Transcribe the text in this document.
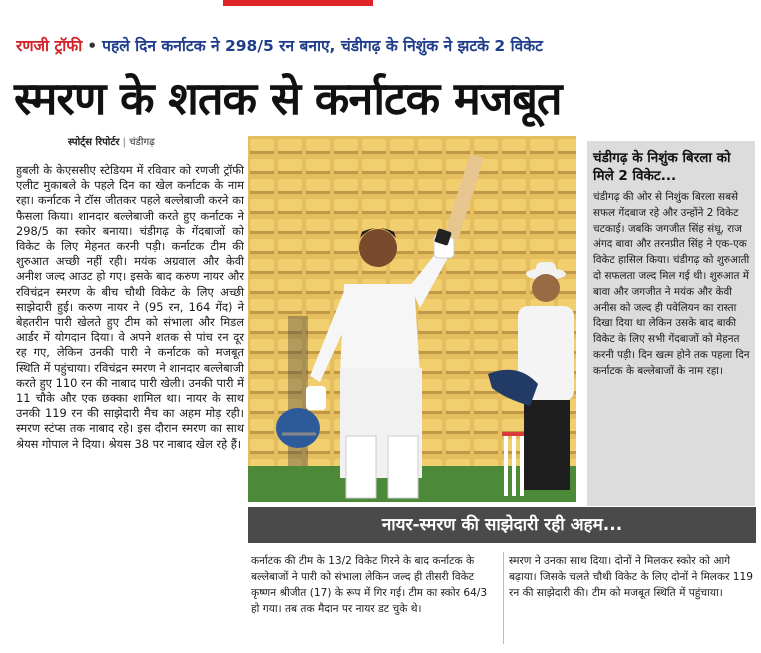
रणजी ट्रॉफी • पहले दिन कर्नाटक ने 298/5 रन बनाए, चंडीगढ़ के निशुंक ने झटके 2 विकेट
स्मरण के शतक से कर्नाटक मजबूत
स्पोर्ट्स रिपोर्टर | चंडीगढ़
हुबली के केएससीए स्टेडियम में रविवार को रणजी ट्रॉफी एलीट मुकाबले के पहले दिन का खेल कर्नाटक के नाम रहा। कर्नाटक ने टॉस जीतकर पहले बल्लेबाजी करने का फैसला किया। शानदार बल्लेबाजी करते हुए कर्नाटक ने 298/5 का स्कोर बनाया। चंडीगढ़ के गेंदबाजों को विकेट के लिए मेहनत करनी पड़ी। कर्नाटक टीम की शुरुआत अच्छी नहीं रही। मयंक अग्रवाल और केवी अनीश जल्द आउट हो गए। इसके बाद करुण नायर और रविचंद्रन स्मरण के बीच चौथी विकेट के लिए अच्छी साझेदारी हुई। करुण नायर ने (95 रन, 164 गेंद) ने बेहतरीन पारी खेलते हुए टीम को संभाला और मिडल आर्डर में योगदान दिया। वे अपने शतक से पांच रन दूर रह गए, लेकिन उनकी पारी ने कर्नाटक को मजबूत स्थिति में पहुंचाया। रविचंद्रन स्मरण ने शानदार बल्लेबाजी करते हुए 110 रन की नाबाद पारी खेली। उनकी पारी में 11 चौके और एक छक्का शामिल था। नायर के साथ उनकी 119 रन की साझेदारी मैच का अहम मोड़ रही। स्मरण स्टंप्स तक नाबाद रहे। इस दौरान स्मरण का साथ श्रेयस गोपाल ने दिया। श्रेयस 38 पर नाबाद खेल रहे हैं।
चंडीगढ़ के निशुंक बिरला को मिले 2 विकेट...
चंडीगढ़ की ओर से निशुंक बिरला सबसे सफल गेंदबाज रहे और उन्होंने 2 विकेट चटकाई। जबकि जगजीत सिंह संधू, राज अंगद बावा और तरनप्रीत सिंह ने एक-एक विकेट हासिल किया। चंडीगढ़ को शुरुआती दो सफलता जल्द मिल गई थी। शुरुआत में बावा और जगजीत ने मयंक और केवी अनीस को जल्द ही पवेलियन का रास्ता दिखा दिया था लेकिन उसके बाद बाकी विकेट के लिए सभी गेंदबाजों को मेहनत करनी पड़ी। दिन खत्म होने तक पहला दिन कर्नाटक के बल्लेबाजों के नाम रहा।
नायर-स्मरण की साझेदारी रही अहम...
कर्नाटक की टीम के 13/2 विकेट गिरने के बाद कर्नाटक के बल्लेबाजों ने पारी को संभाला लेकिन जल्द ही तीसरी विकेट कृष्णन श्रीजीत (17) के रूप में गिर गई। टीम का स्कोर 64/3 हो गया। तब तक मैदान पर नायर डट चुके थे।
स्मरण ने उनका साथ दिया। दोनों ने मिलकर स्कोर को आगे बढ़ाया। जिसके चलते चौथी विकेट के लिए दोनों ने मिलकर 119 रन की साझेदारी की। टीम को मजबूत स्थिति में पहुंचाया।
